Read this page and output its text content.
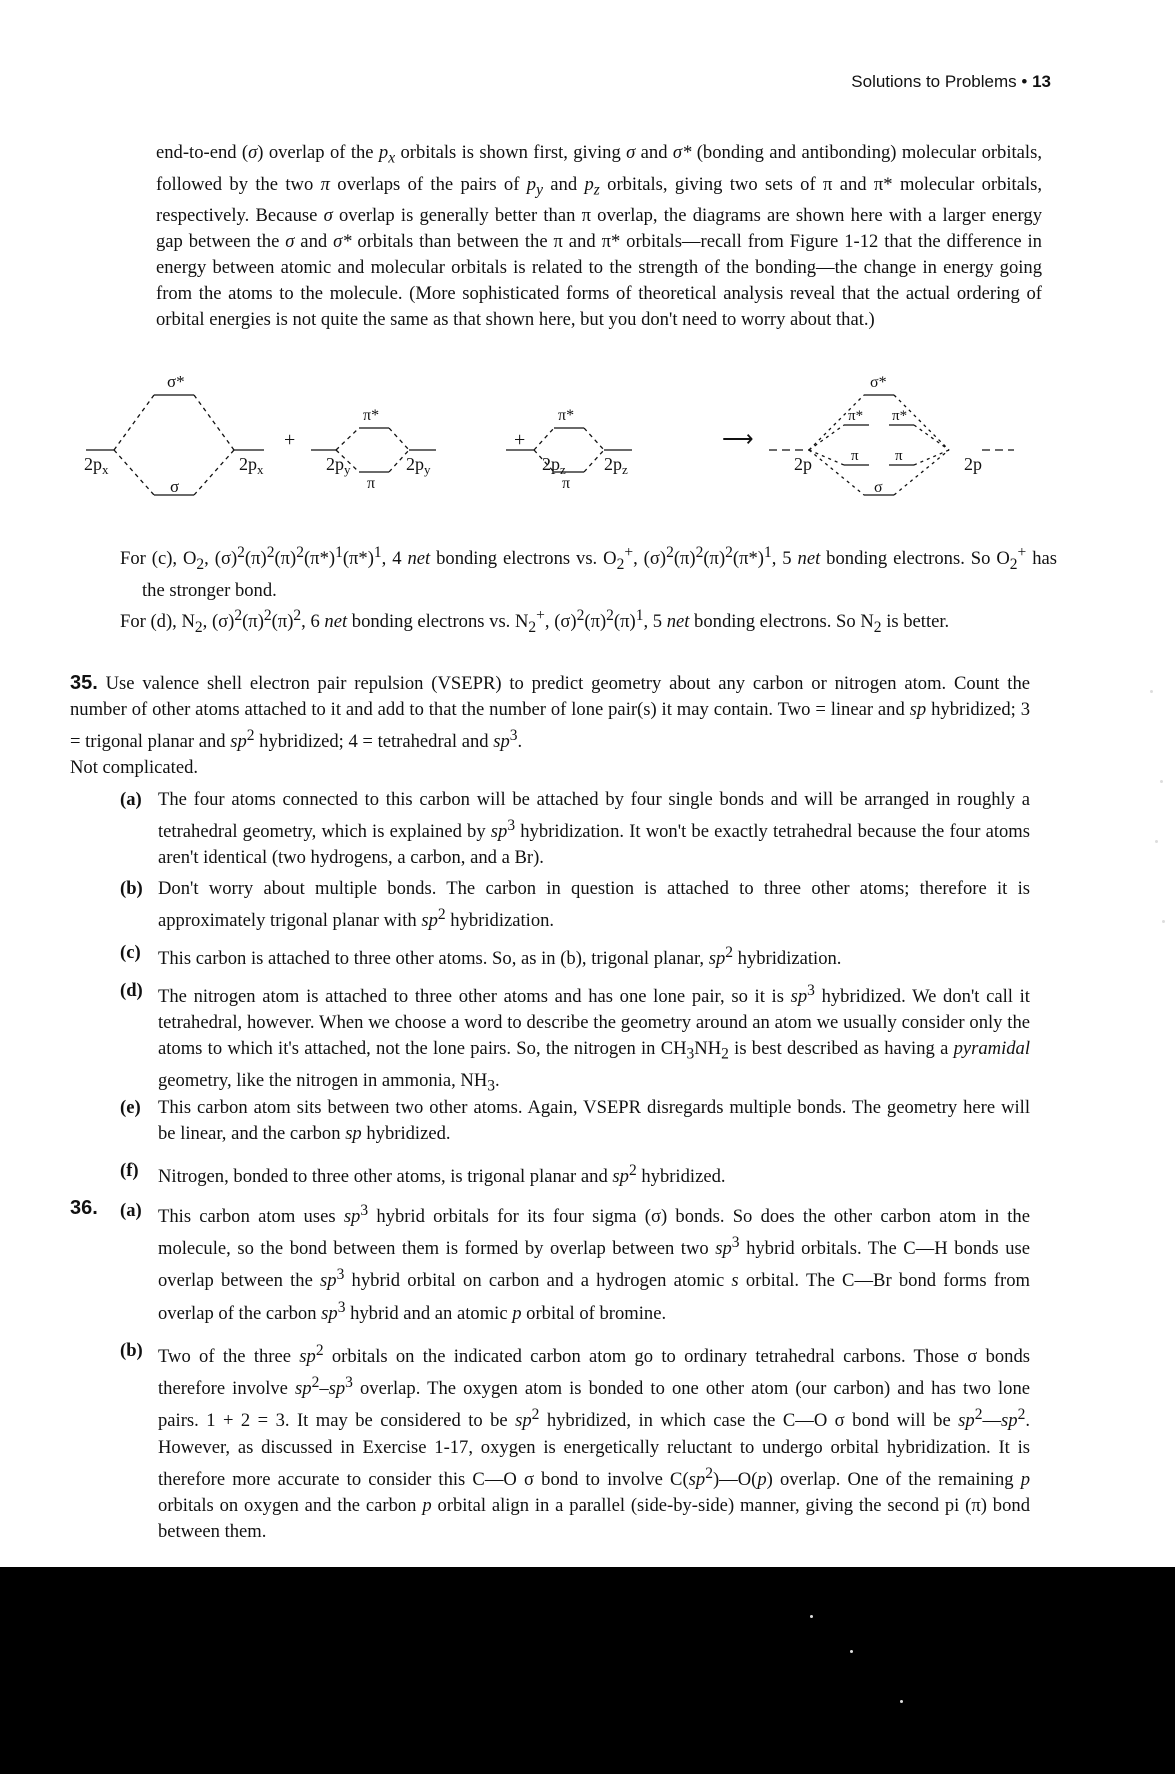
Solutions to Problems • 13

end-to-end (σ) overlap of the $p_x$ orbitals is shown first, giving σ and σ* (bonding and antibonding) molecular orbitals, followed by the two π overlaps of the pairs of $p_y$ and $p_z$ orbitals, giving two sets of π and π* molecular orbitals, respectively. Because σ overlap is generally better than π overlap, the diagrams are shown here with a larger energy gap between the σ and σ* orbitals than between the π and π* orbitals—recall from Figure 1-12 that the difference in energy between atomic and molecular orbitals is related to the strength of the bonding—the change in energy going from the atoms to the molecule. (More sophisticated forms of theoretical analysis reveal that the actual ordering of orbital energies is not quite the same as that shown here, but you don't need to worry about that.)

σ*
σ
$2p_x$	$2p_x$
+
$2p_y$	$2p_y$
π*
π
+
$2p_z$ $2p_z$
π*
π
⟶
2p	2p
σ*
π* π*
π π
σ

For (c), $O_2$, $(\sigma)^2(\pi)^2(\pi)^2(\pi*)^1(\pi*)^1$, 4 net bonding electrons vs. $O_2^+$, $(\sigma)^2(\pi)^2(\pi)^2(\pi*)^1$, 5 net bonding electrons. So $O_2^+$ has the stronger bond.

For (d), $N_2$, $(\sigma)^2(\pi)^2(\pi)^2$, 6 net bonding electrons vs. $N_2^+$, $(\sigma)^2(\pi)^2(\pi)^1$, 5 net bonding electrons. So $N_2$ is better.

35. Use valence shell electron pair repulsion (VSEPR) to predict geometry about any carbon or nitrogen atom. Count the number of other atoms attached to it and add to that the number of lone pair(s) it may contain. Two = linear and sp hybridized; 3 = trigonal planar and $sp^2$ hybridized; 4 = tetrahedral and $sp^3$.
Not complicated.

(a) The four atoms connected to this carbon will be attached by four single bonds and will be arranged in roughly a tetrahedral geometry, which is explained by $sp^3$ hybridization. It won't be exactly tetrahedral because the four atoms aren't identical (two hydrogens, a carbon, and a Br).
(b) Don't worry about multiple bonds. The carbon in question is attached to three other atoms; therefore it is approximately trigonal planar with $sp^2$ hybridization.
(c) This carbon is attached to three other atoms. So, as in (b), trigonal planar, $sp^2$ hybridization.
(d) The nitrogen atom is attached to three other atoms and has one lone pair, so it is $sp^3$ hybridized. We don't call it tetrahedral, however. When we choose a word to describe the geometry around an atom we usually consider only the atoms to which it's attached, not the lone pairs. So, the nitrogen in $CH_3NH_2$ is best described as having a pyramidal geometry, like the nitrogen in ammonia, $NH_3$.
(e) This carbon atom sits between two other atoms. Again, VSEPR disregards multiple bonds. The geometry here will be linear, and the carbon sp hybridized.
(f) Nitrogen, bonded to three other atoms, is trigonal planar and $sp^2$ hybridized.
36. (a) This carbon atom uses $sp^3$ hybrid orbitals for its four sigma (σ) bonds. So does the other carbon atom in the molecule, so the bond between them is formed by overlap between two $sp^3$ hybrid orbitals. The C—H bonds use overlap between the $sp^3$ hybrid orbital on carbon and a hydrogen atomic s orbital. The C—Br bond forms from overlap of the carbon $sp^3$ hybrid and an atomic p orbital of bromine.
(b) Two of the three $sp^2$ orbitals on the indicated carbon atom go to ordinary tetrahedral carbons. Those σ bonds therefore involve $sp^2-sp^3$ overlap. The oxygen atom is bonded to one other atom (our carbon) and has two lone pairs. 1 + 2 = 3. It may be considered to be $sp^2$ hybridized, in which case the C—O σ bond will be $sp^2—sp^2$. However, as discussed in Exercise 1-17, oxygen is energetically reluctant to undergo orbital hybridization. It is therefore more accurate to consider this C—O σ bond to involve $C(sp^2)—O(p)$ overlap. One of the remaining p orbitals on oxygen and the carbon p orbital align in a parallel (side-by-side) manner, giving the second pi (π) bond between them.
